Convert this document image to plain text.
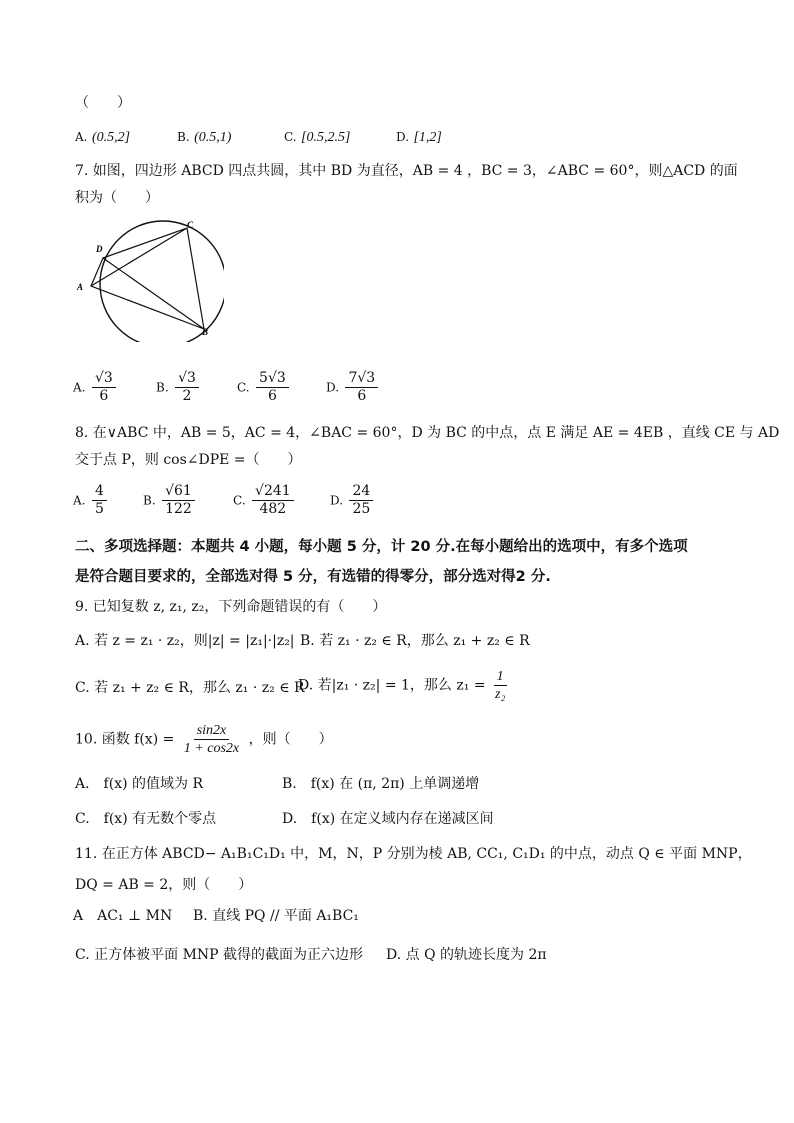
（　　）
A. (0.5,2]	B. (0.5,1)	C. [0.5,2.5]	D. [1,2]
7. 如图，四边形 ABCD 四点共圆，其中 BD 为直径，AB = 4 ，BC = 3，∠ABC = 60°，则△ACD 的面
积为（　　）
D
C
A
B
A. $\frac{√3}{6}$	B. $\frac{√3}{2}$	C. $\frac{5√3}{6}$	D. $\frac{7√3}{6}$
8. 在∨ABC 中，AB = 5，AC = 4，∠BAC = 60°，D 为 BC 的中点，点 E 满足 AE = 4EB ，直线 CE 与 AD
交于点 P，则 cos∠DPE =（　　）
A. $\frac{4}{5}$	B. $\frac{√61}{122}$	C. $\frac{√241}{482}$	D. $\frac{24}{25}$
二、多项选择题：本题共 4 小题，每小题 5 分，计 20 分.在每小题给出的选项中，有多个选项
是符合题目要求的，全部选对得 5 分，有选错的得零分，部分选对得2 分.
9. 已知复数 z, z₁, z₂，下列命题错误的有（　　）
A. 若 z = z₁ · z₂，则|z| = |z₁|·|z₂| B. 若 z₁ · z₂ ∈ R，那么 z₁ + z₂ ∈ R
C. 若 z₁ + z₂ ∈ R，那么 z₁ · z₂ ∈ R
D. 若|z₁ · z₂| = 1，那么 $z_1 = \frac{1}{\text{z₂}}$
10. 函数 $f(x) = \frac{\sin 2x}{1 + \cos 2x}$ ，则（　　）
A.　f(x) 的值域为 R	B.　f(x) 在 (π, 2π) 上单调递增
C.　f(x) 有无数个零点	D.　f(x) 在定义域内存在递减区间
11. 在正方体 ABCD− A₁B₁C₁D₁ 中，M，N，P 分别为棱 AB, CC₁, C₁D₁ 的中点，动点 Q ∈ 平面 MNP，
DQ = AB = 2，则（　　）
A　AC₁ ⊥ MN B. 直线 PQ // 平面 A₁BC₁
C. 正方体被平面 MNP 截得的截面为正六边形 D. 点 Q 的轨迹长度为 2π
